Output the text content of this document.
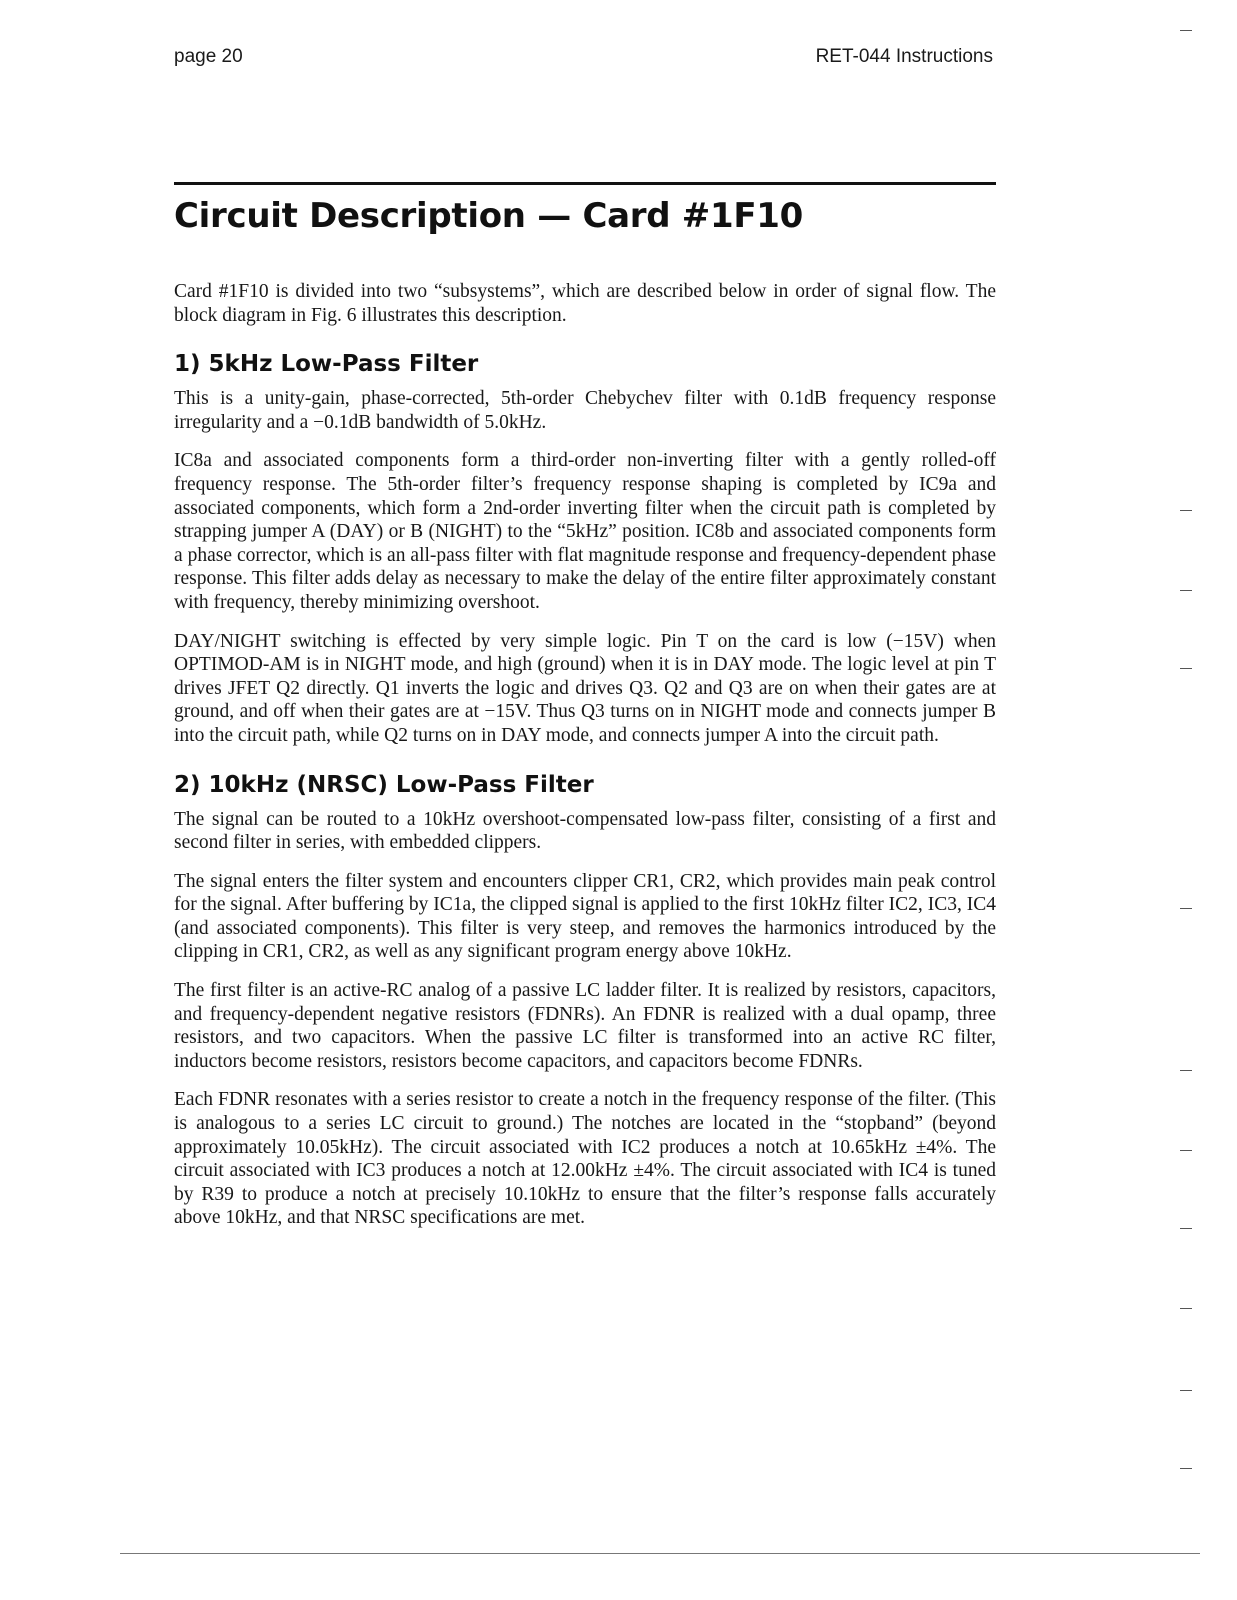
page 20	RET-044 Instructions
Circuit Description — Card #1F10

Card #1F10 is divided into two “subsystems”, which are described below in order of signal flow. The block diagram in Fig. 6 illustrates this description.

1) 5kHz Low-Pass Filter

This is a unity-gain, phase-corrected, 5th-order Chebychev filter with 0.1dB frequency response irregularity and a −0.1dB bandwidth of 5.0kHz.

IC8a and associated components form a third-order non-inverting filter with a gently rolled-off frequency response. The 5th-order filter’s frequency response shaping is completed by IC9a and associated components, which form a 2nd-order inverting filter when the circuit path is completed by strapping jumper A (DAY) or B (NIGHT) to the “5kHz” position. IC8b and associated components form a phase corrector, which is an all-pass filter with flat magnitude response and frequency-dependent phase response. This filter adds delay as necessary to make the delay of the entire filter approximately constant with frequency, thereby minimizing overshoot.

DAY/NIGHT switching is effected by very simple logic. Pin T on the card is low (−15V) when OPTIMOD-AM is in NIGHT mode, and high (ground) when it is in DAY mode. The logic level at pin T drives JFET Q2 directly. Q1 inverts the logic and drives Q3. Q2 and Q3 are on when their gates are at ground, and off when their gates are at −15V. Thus Q3 turns on in NIGHT mode and connects jumper B into the circuit path, while Q2 turns on in DAY mode, and connects jumper A into the circuit path.

2) 10kHz (NRSC) Low-Pass Filter

The signal can be routed to a 10kHz overshoot-compensated low-pass filter, consisting of a first and second filter in series, with embedded clippers.

The signal enters the filter system and encounters clipper CR1, CR2, which provides main peak control for the signal. After buffering by IC1a, the clipped signal is applied to the first 10kHz filter IC2, IC3, IC4 (and associated components). This filter is very steep, and removes the harmonics introduced by the clipping in CR1, CR2, as well as any significant program energy above 10kHz.

The first filter is an active-RC analog of a passive LC ladder filter. It is realized by resistors, capacitors, and frequency-dependent negative resistors (FDNRs). An FDNR is realized with a dual opamp, three resistors, and two capacitors. When the passive LC filter is transformed into an active RC filter, inductors become resistors, resistors become capacitors, and capacitors become FDNRs.

Each FDNR resonates with a series resistor to create a notch in the frequency response of the filter. (This is analogous to a series LC circuit to ground.) The notches are located in the “stopband” (beyond approximately 10.05kHz). The circuit associated with IC2 produces a notch at 10.65kHz ±4%. The circuit associated with IC3 produces a notch at 12.00kHz ±4%. The circuit associated with IC4 is tuned by R39 to produce a notch at precisely 10.10kHz to ensure that the filter’s response falls accurately above 10kHz, and that NRSC specifications are met.
